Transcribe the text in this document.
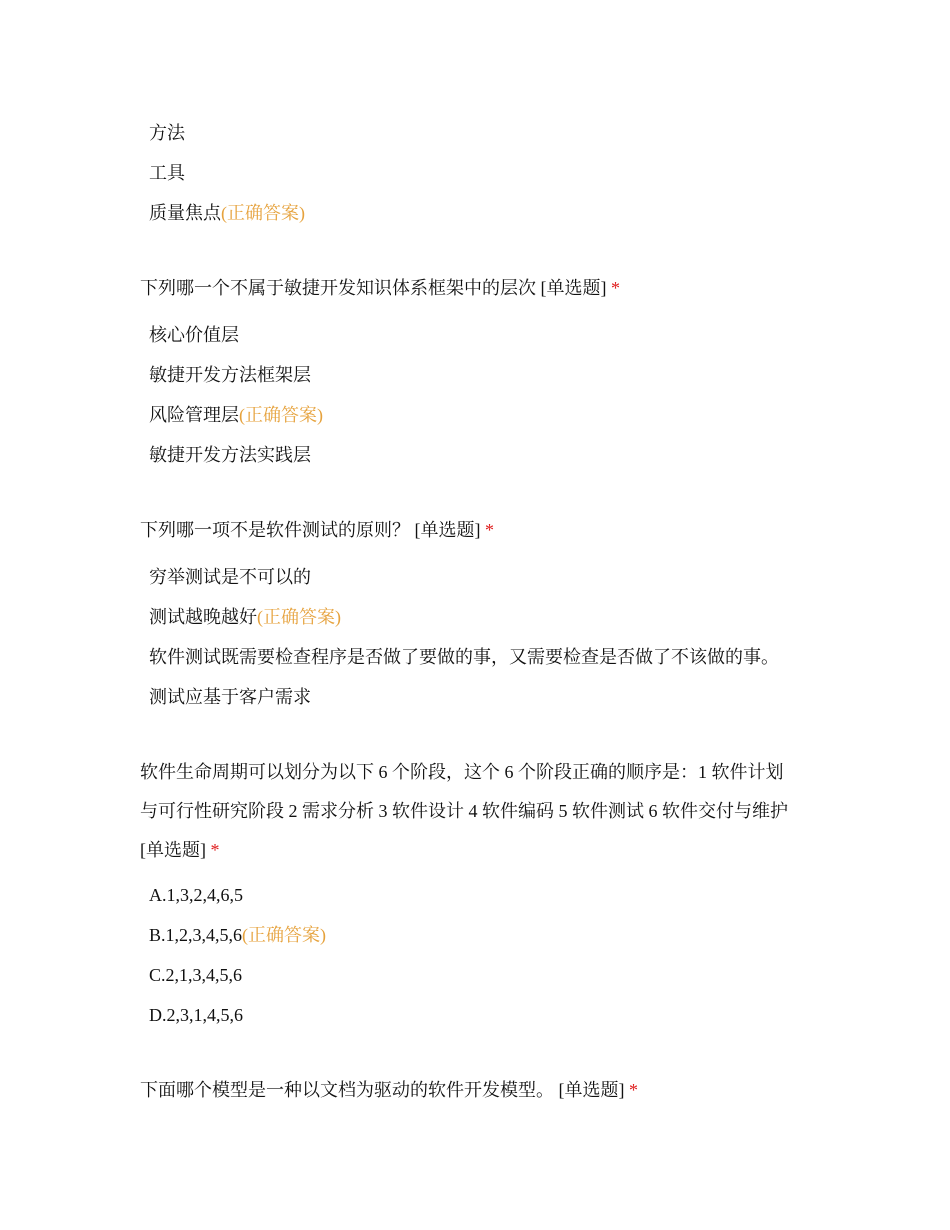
方法
工具
质量焦点(正确答案)
下列哪一个不属于敏捷开发知识体系框架中的层次 [单选题] *
核心价值层
敏捷开发方法框架层
风险管理层(正确答案)
敏捷开发方法实践层
下列哪一项不是软件测试的原则？ [单选题] *
穷举测试是不可以的
测试越晚越好(正确答案)
软件测试既需要检查程序是否做了要做的事，又需要检查是否做了不该做的事。
测试应基于客户需求
软件生命周期可以划分为以下 6 个阶段，这个 6 个阶段正确的顺序是：1 软件计划
与可行性研究阶段 2 需求分析 3 软件设计 4 软件编码 5 软件测试 6 软件交付与维护
[单选题] *
A.1,3,2,4,6,5
B.1,2,3,4,5,6(正确答案)
C.2,1,3,4,5,6
D.2,3,1,4,5,6
下面哪个模型是一种以文档为驱动的软件开发模型。 [单选题] *
